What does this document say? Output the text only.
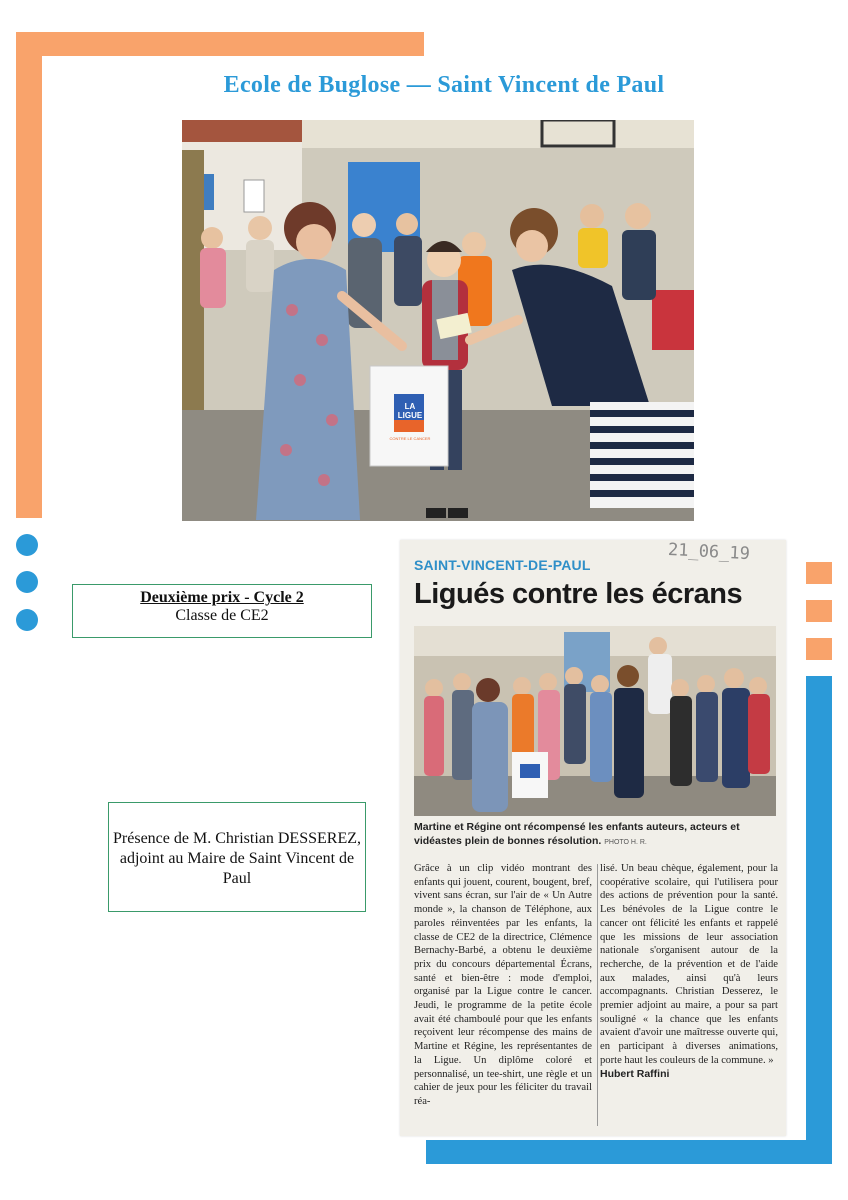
Ecole de Buglose — Saint Vincent de Paul
LA LIGUE
CONTRE LE CANCER
Deuxième prix - Cycle 2
Classe de CE2
Présence de M. Christian DESSEREZ, adjoint au Maire de Saint Vincent de Paul
21_06_19
SAINT-VINCENT-DE-PAUL
Ligués contre les écrans
Martine et Régine ont récompensé les enfants auteurs, acteurs et vidéastes plein de bonnes résolution. PHOTO H. R.
Grâce à un clip vidéo montrant des enfants qui jouent, courent, bougent, bref, vivent sans écran, sur l'air de « Un Autre monde », la chanson de Téléphone, aux paroles réinventées par les enfants, la classe de CE2 de la directrice, Clémence Bernachy-Barbé, a obtenu le deuxième prix du concours départemental Écrans, santé et bien-être : mode d'emploi, organisé par la Ligue contre le cancer. Jeudi, le programme de la petite école avait été chamboulé pour que les enfants reçoivent leur récompense des mains de Martine et Régine, les représentantes de la Ligue. Un diplôme coloré et personnalisé, un tee-shirt, une règle et un cahier de jeux pour les féliciter du travail réa-
lisé. Un beau chèque, également, pour la coopérative scolaire, qui l'utilisera pour des actions de prévention pour la santé. Les bénévoles de la Ligue contre le cancer ont félicité les enfants et rappelé que les missions de leur association nationale s'organisent autour de la recherche, de la prévention et de l'aide aux malades, ainsi qu'à leurs accompagnants. Christian Desserez, le premier adjoint au maire, a pour sa part souligné « la chance que les enfants avaient d'avoir une maîtresse ouverte qui, en participant à diverses animations, porte haut les couleurs de la commune. »
Hubert Raffini
